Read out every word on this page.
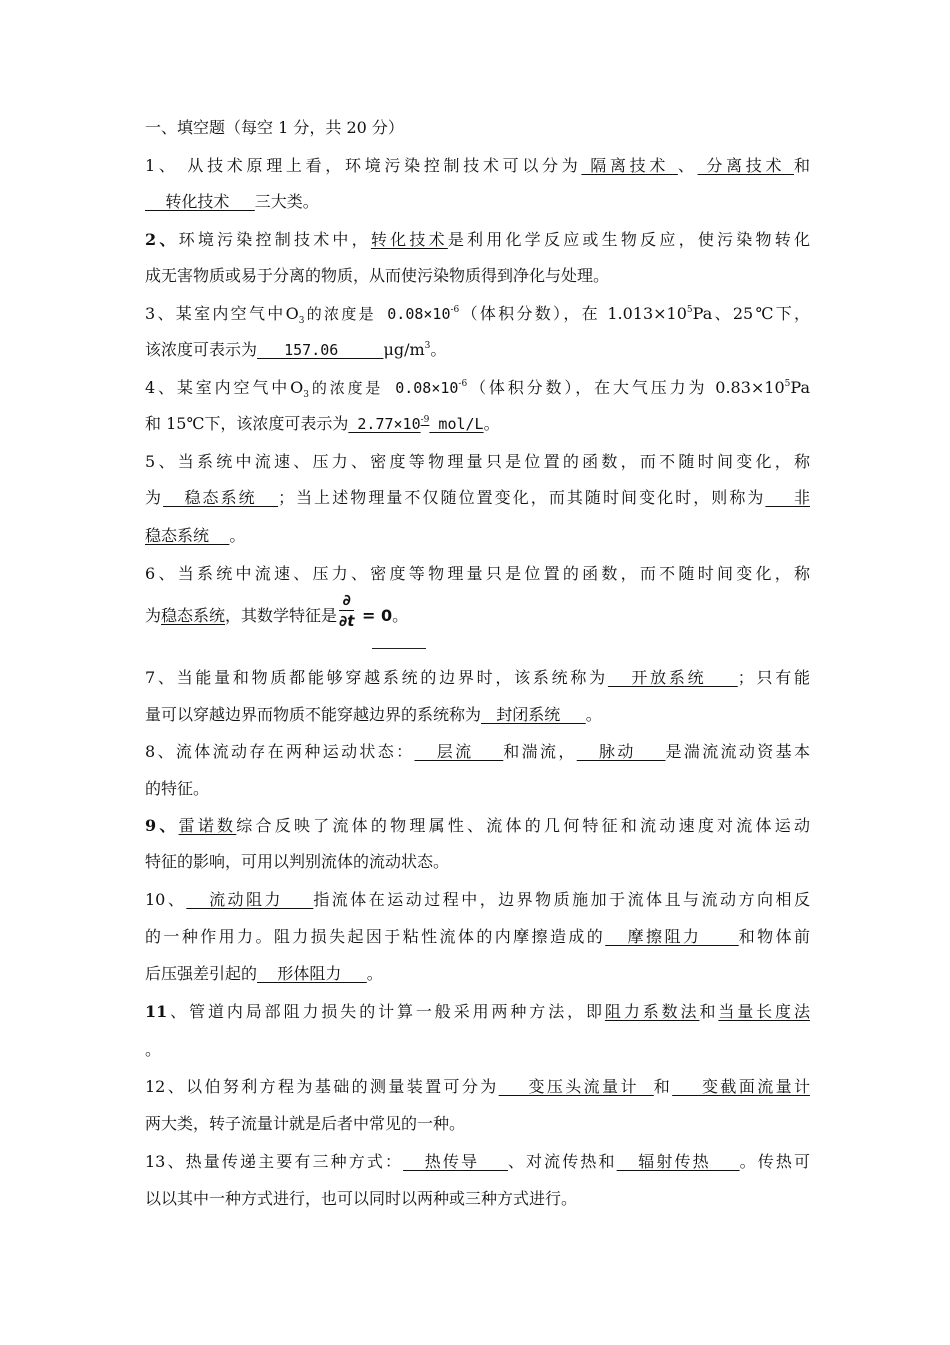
一、填空题（每空 1 分，共 20 分）
1、 从技术原理上看，环境污染控制技术可以分为 隔离技术 、 分离技术 和
转化技术     三大类。
2、环境污染控制技术中，转化技术是利用化学反应或生物反应，使污染物转化
成无害物质或易于分离的物质，从而使污染物质得到净化与处理。
3、某室内空气中$O_3$的浓度是 $0.08\times 10^{-6}$（体积分数），在 $1.013\times 10^5Pa$、25℃下，
该浓度可表示为   157.06     $\mu g/m^3$。
4、某室内空气中$O_3$的浓度是 $0.08\times 10^{-6}$（体积分数），在大气压力为 $0.83\times 10^5Pa$
和 15℃下，该浓度可表示为 $2.77\times 10^{-9}$ mol/L。
5、当系统中流速、压力、密度等物理量只是位置的函数，而不随时间变化，称
为   稳态系统   ；当上述物理量不仅随位置变化，而其随时间变化时，则称为    非
稳态系统    。
6、当系统中流速、压力、密度等物理量只是位置的函数，而不随时间变化，称
为稳态系统，其数学特征是 $\frac{\partial}{\partial t} = 0$。
7、当能量和物质都能够穿越系统的边界时，该系统称为   开放系统    ；只有能
量可以穿越边界而物质不能穿越边界的系统称为   封闭系统     。
8、流体流动存在两种运动状态：   层流    和湍流，   脉动    是湍流流动资基本
的特征。
9、雷诺数综合反映了流体的物理属性、流体的几何特征和流动速度对流体运动
特征的影响，可用以判别流体的流动状态。
10、   流动阻力    指流体在运动过程中，边界物质施加于流体且与流动方向相反
的一种作用力。阻力损失起因于粘性流体的内摩擦造成的   摩擦阻力     和物体前
后压强差引起的    形体阻力     。
11、管道内局部阻力损失的计算一般采用两种方法，即阻力系数法和当量长度法
。
12、以伯努利方程为基础的测量装置可分为    变压头流量计  和    变截面流量计
两大类，转子流量计就是后者中常见的一种。
13、热量传递主要有三种方式：   热传导    、对流传热和   辐射传热    。传热可
以以其中一种方式进行，也可以同时以两种或三种方式进行。
